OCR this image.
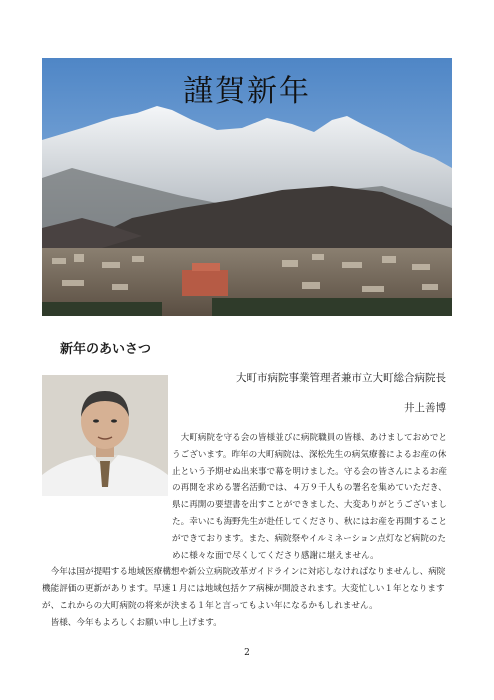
謹賀新年
新年のあいさつ
大町市病院事業管理者兼市立大町総合病院長
井上善博

大町病院を守る会の皆様並びに病院職員の皆様、あけましておめでとうございます。昨年の大町病院は、深松先生の病気療養によるお産の休止という予期せぬ出来事で幕を明けました。守る会の皆さんによるお産の再開を求める署名活動では、４万９千人もの署名を集めていただき、県に再開の要望書を出すことができました、大変ありがとうございました。幸いにも海野先生が赴任してくださり、秋にはお産を再開することができております。また、病院祭やイルミネーション点灯など病院のために様々な面で尽くしてくださり感謝に堪えません。

今年は国が提唱する地域医療構想や新公立病院改革ガイドラインに対応しなければなりませんし、病院機能評価の更新があります。早速１月には地域包括ケア病棟が開設されます。大変忙しい１年となりますが、これからの大町病院の将来が決まる１年と言ってもよい年になるかもしれません。

皆様、今年もよろしくお願い申し上げます。

2
